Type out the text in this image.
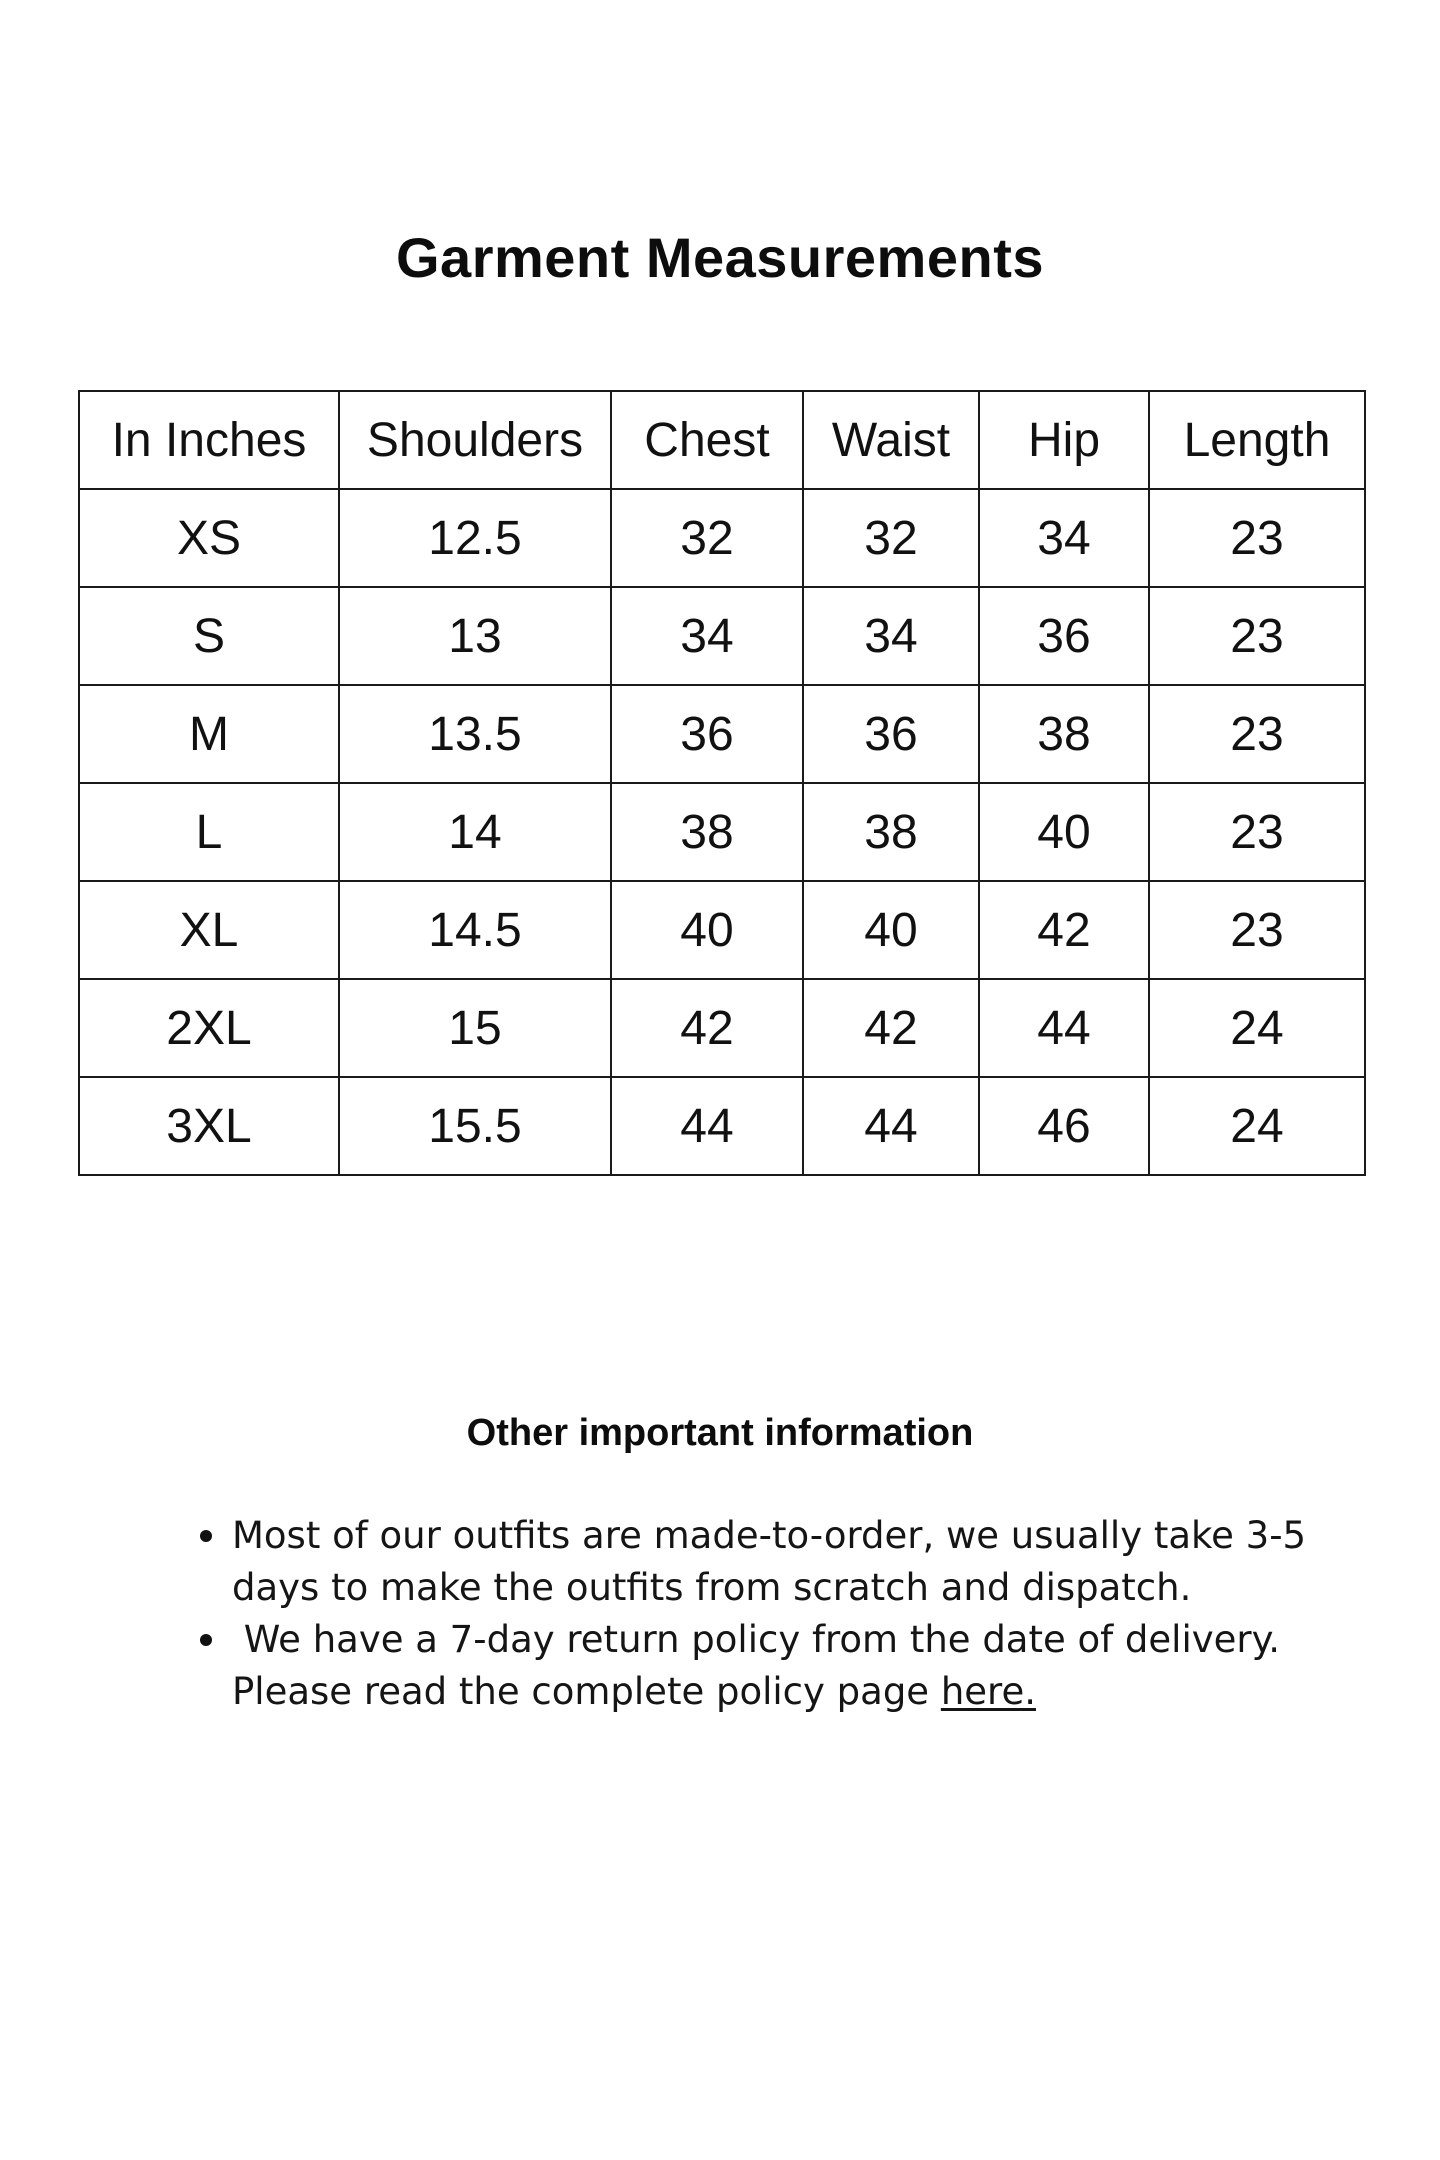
Garment Measurements
In Inches	Shoulders	Chest	Waist	Hip	Length
XS	12.5	32	32	34	23
S	13	34	34	36	23
M	13.5	36	36	38	23
L	14	38	38	40	23
XL	14.5	40	40	42	23
2XL	15	42	42	44	24
3XL	15.5	44	44	46	24
Other important information
Most of our outfits are made-to-order, we usually take 3-5 days to make the outfits from scratch and dispatch.
We have a 7-day return policy from the date of delivery. Please read the complete policy page here.
